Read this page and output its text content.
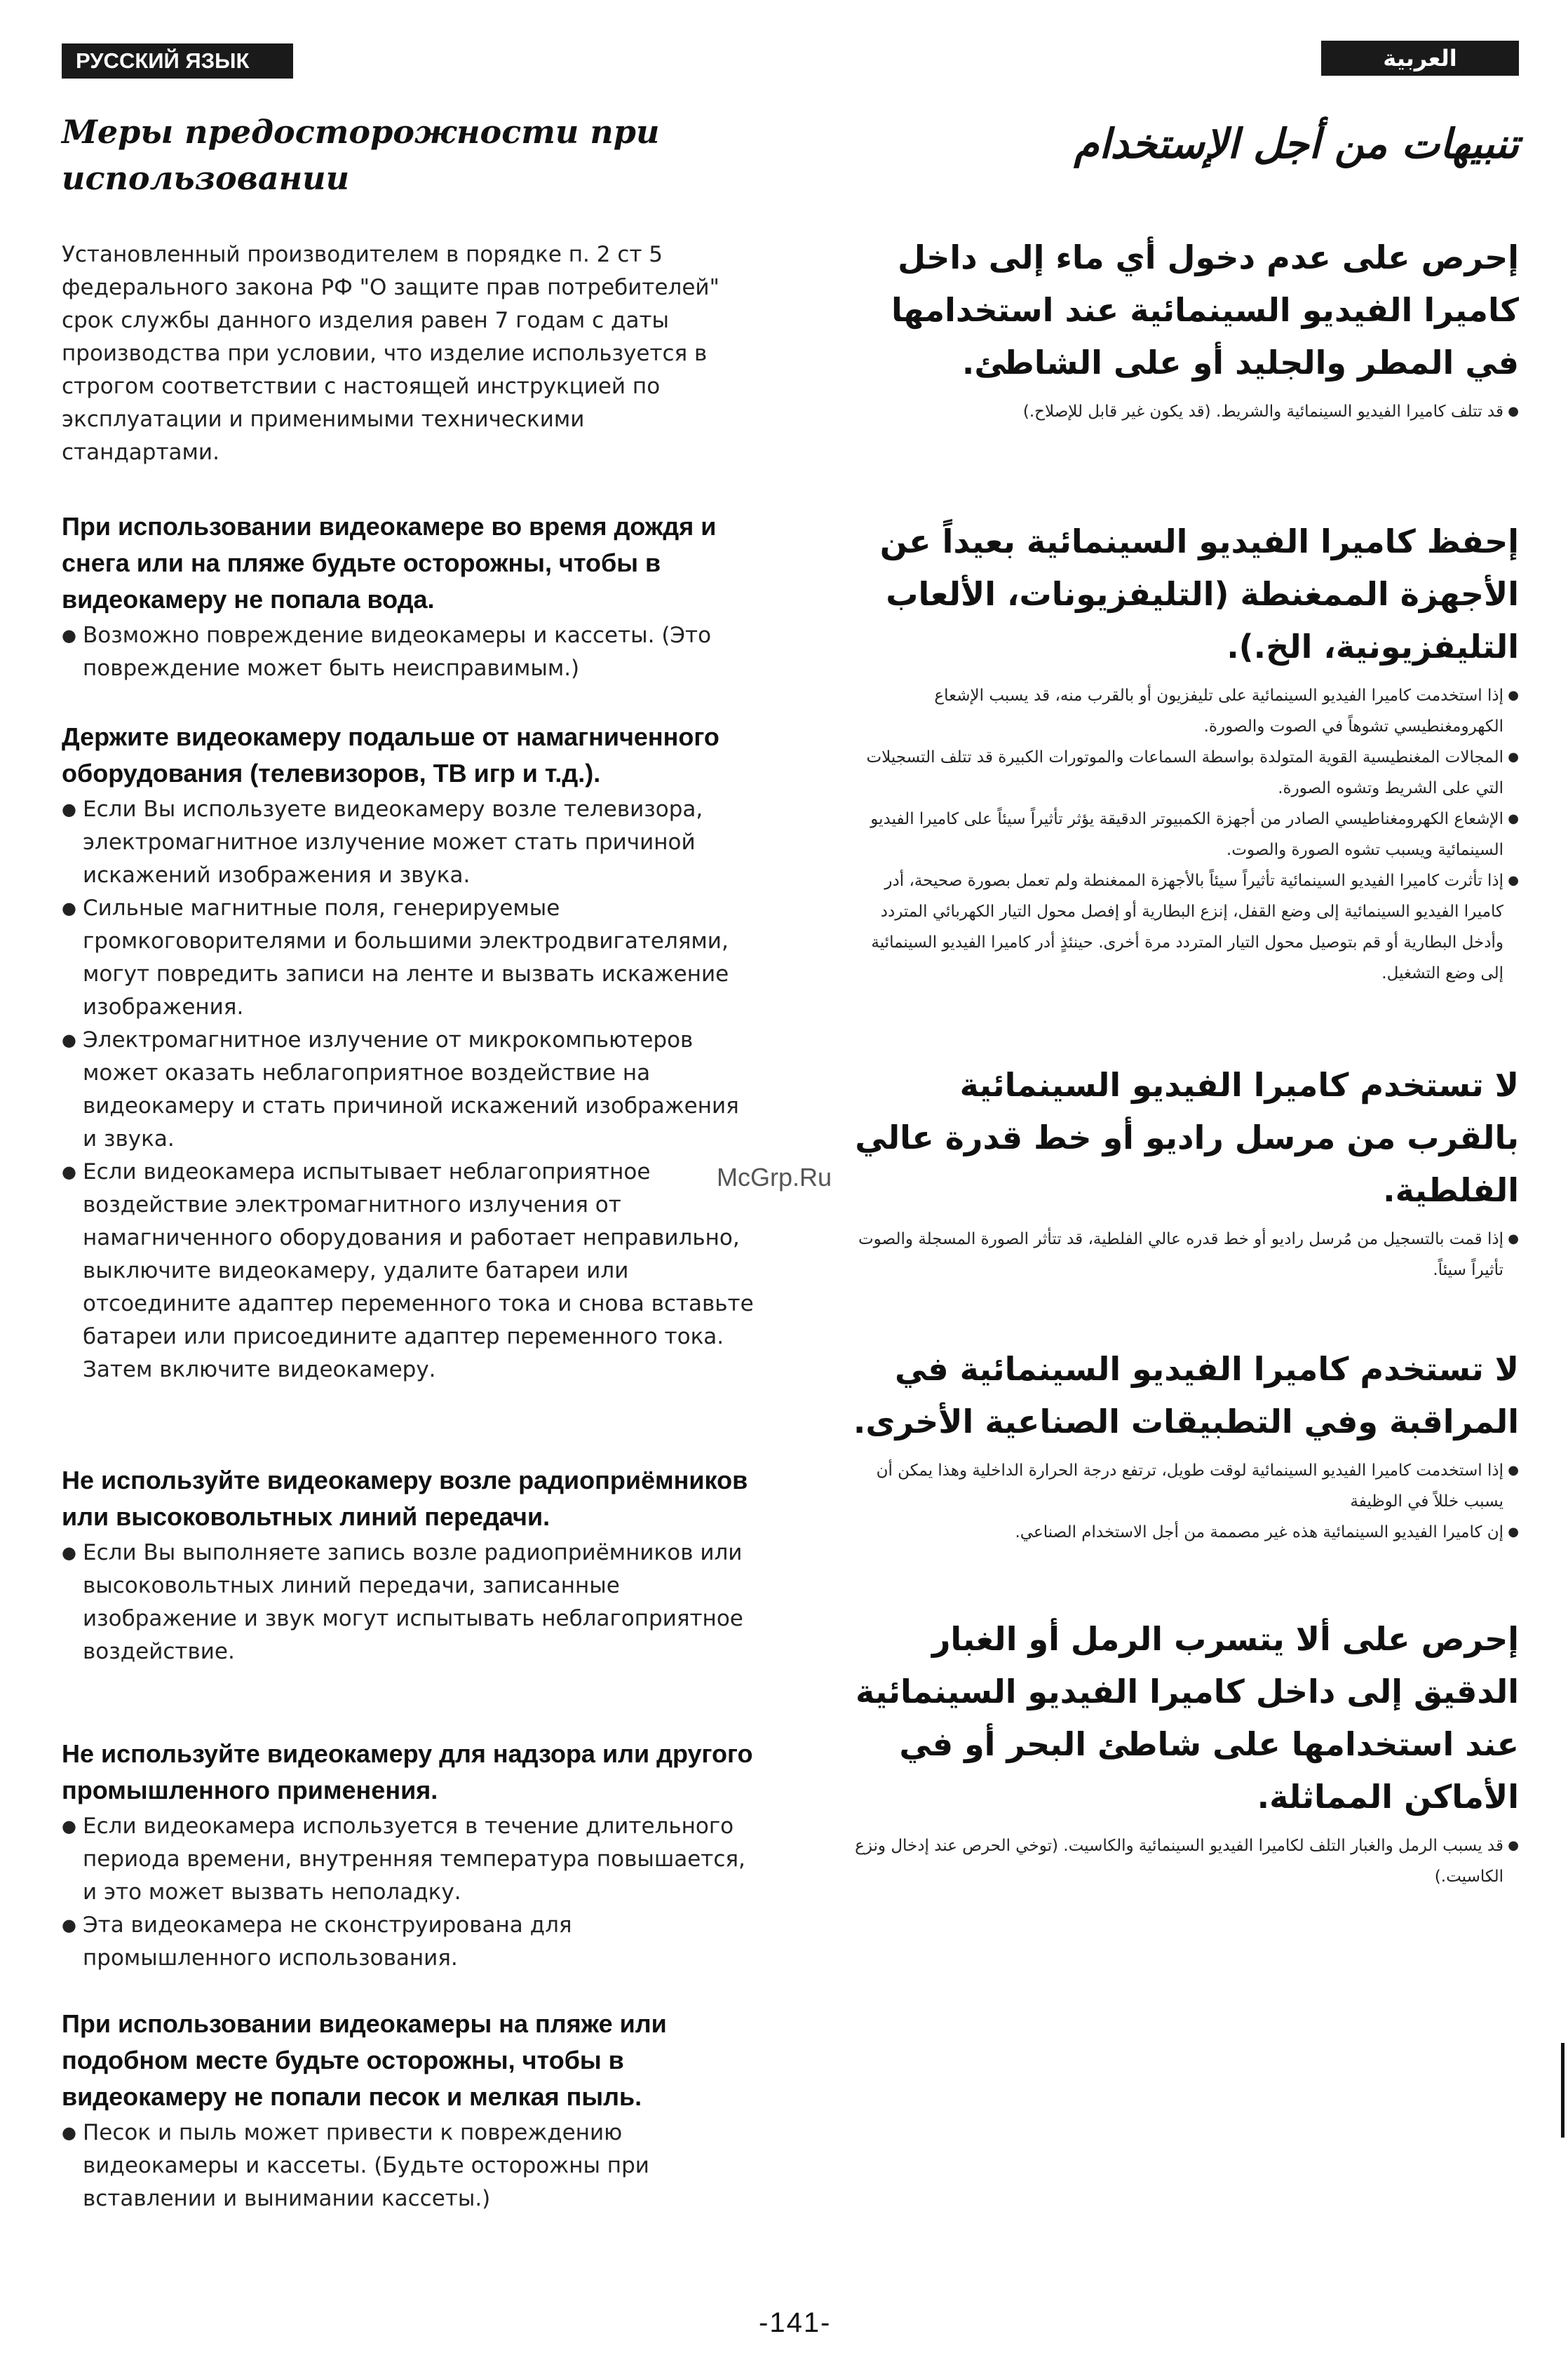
РУССКИЙ ЯЗЫК	العربية
Меры предосторожности при использовании
تنبيهات من أجل الإستخدام

Установленный производителем в порядке п. 2 ст 5 федерального закона РФ "О защите прав потребителей" срок службы данного изделия равен 7 годам с даты производства при условии, что изделие используется в строгом соответствии с настоящей инструкцией по эксплуатации и применимыми техническими стандартами.

При использовании видеокамере во время дождя и снега или на пляже будьте осторожны, чтобы в видеокамеру не попала вода.
● Возможно повреждение видеокамеры и кассеты. (Это повреждение может быть неисправимым.)
Держите видеокамеру подальше от намагниченного оборудования (телевизоров, ТВ игр и т.д.).
● Если Вы используете видеокамеру возле телевизора, электромагнитное излучение может стать причиной искажений изображения и звука.
● Сильные магнитные поля, генерируемые громкоговорителями и большими электродвигателями, могут повредить записи на ленте и вызвать искажение изображения.
● Электромагнитное излучение от микрокомпьютеров может оказать неблагоприятное воздействие на видеокамеру и стать причиной искажений изображения и звука.
● Если видеокамера испытывает неблагоприятное воздействие электромагнитного излучения от намагниченного оборудования и работает неправильно, выключите видеокамеру, удалите батареи или отсоедините адаптер переменного тока и снова вставьте батареи или присоедините адаптер переменного тока. Затем включите видеокамеру.
Не используйте видеокамеру возле радиоприёмников или высоковольтных линий передачи.
● Если Вы выполняете запись возле радиоприёмников или высоковольтных линий передачи, записанные изображение и звук могут испытывать неблагоприятное воздействие.
Не используйте видеокамеру для надзора или другого промышленного применения.
● Если видеокамера используется в течение длительного периода времени, внутренняя температура повышается, и это может вызвать неполадку.
● Эта видеокамера не сконструирована для промышленного использования.
При использовании видеокамеры на пляже или подобном месте будьте осторожны, чтобы в видеокамеру не попали песок и мелкая пыль.
● Песок и пыль может привести к повреждению видеокамеры и кассеты. (Будьте осторожны при вставлении и вынимании кассеты.)
إحرص على عدم دخول أي ماء إلى داخل كاميرا الفيديو السينمائية عند استخدامها في المطر والجليد أو على الشاطئ.
● قد تتلف كاميرا الفيديو السينمائية والشريط. (قد يكون غير قابل للإصلاح.)
إحفظ كاميرا الفيديو السينمائية بعيداً عن الأجهزة الممغنطة (التليفزيونات، الألعاب التليفزيونية، الخ.).
● إذا استخدمت كاميرا الفيديو السينمائية على تليفزيون أو بالقرب منه، قد يسبب الإشعاع الكهرومغنطيسي تشوهاً في الصوت والصورة.
● المجالات المغنطيسية القوية المتولدة بواسطة السماعات والموتورات الكبيرة قد تتلف التسجيلات التي على الشريط وتشوه الصورة.
● الإشعاع الكهرومغناطيسي الصادر من أجهزة الكمبيوتر الدقيقة يؤثر تأثيراً سيئاً على كاميرا الفيديو السينمائية ويسبب تشوه الصورة والصوت.
● إذا تأثرت كاميرا الفيديو السينمائية تأثيراً سيئاً بالأجهزة الممغنطة ولم تعمل بصورة صحيحة، أدر كاميرا الفيديو السينمائية إلى وضع القفل، إنزع البطارية أو إفصل محول التيار الكهربائي المتردد وأدخل البطارية أو قم بتوصيل محول التيار المتردد مرة أخرى. حينئذٍ أدر كاميرا الفيديو السينمائية إلى وضع التشغيل.
لا تستخدم كاميرا الفيديو السينمائية بالقرب من مرسل راديو أو خط قدرة عالي الفلطية.
● إذا قمت بالتسجيل من مُرسل راديو أو خط قدره عالي الفلطية، قد تتأثر الصورة المسجلة والصوت تأثيراً سيئاً.
لا تستخدم كاميرا الفيديو السينمائية في المراقبة وفي التطبيقات الصناعية الأخرى.
● إذا استخدمت كاميرا الفيديو السينمائية لوقت طويل، ترتفع درجة الحرارة الداخلية وهذا يمكن أن يسبب خللاً في الوظيفة
● إن كاميرا الفيديو السينمائية هذه غير مصممة من أجل الاستخدام الصناعي.
إحرص على ألا يتسرب الرمل أو الغبار الدقيق إلى داخل كاميرا الفيديو السينمائية عند استخدامها على شاطئ البحر أو في الأماكن المماثلة.
● قد يسبب الرمل والغبار التلف لكاميرا الفيديو السينمائية والكاسيت. (توخي الحرص عند إدخال ونزع الكاسيت.)
McGrp.Ru
-141-
